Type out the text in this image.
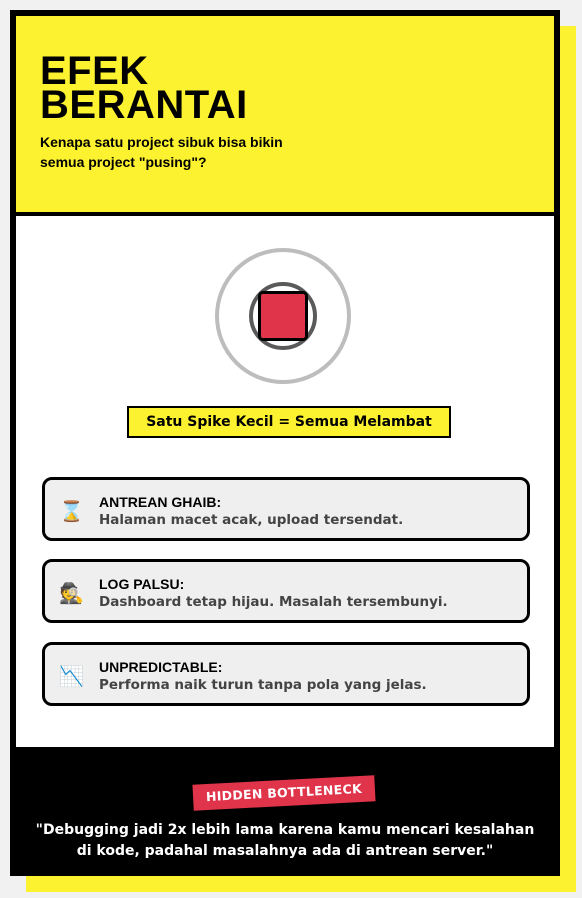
EFEK
BERANTAI
Kenapa satu project sibuk bisa bikin
semua project "pusing"?
Satu Spike Kecil = Semua Melambat
⌛ ANTREAN GHAIB:
Halaman macet acak, upload tersendat.
🕵 LOG PALSU:
Dashboard tetap hijau. Masalah tersembunyi.
📉 UNPREDICTABLE:
Performa naik turun tanpa pola yang jelas.
HIDDEN BOTTLENECK
"Debugging jadi 2x lebih lama karena kamu mencari kesalahan
di kode, padahal masalahnya ada di antrean server."
